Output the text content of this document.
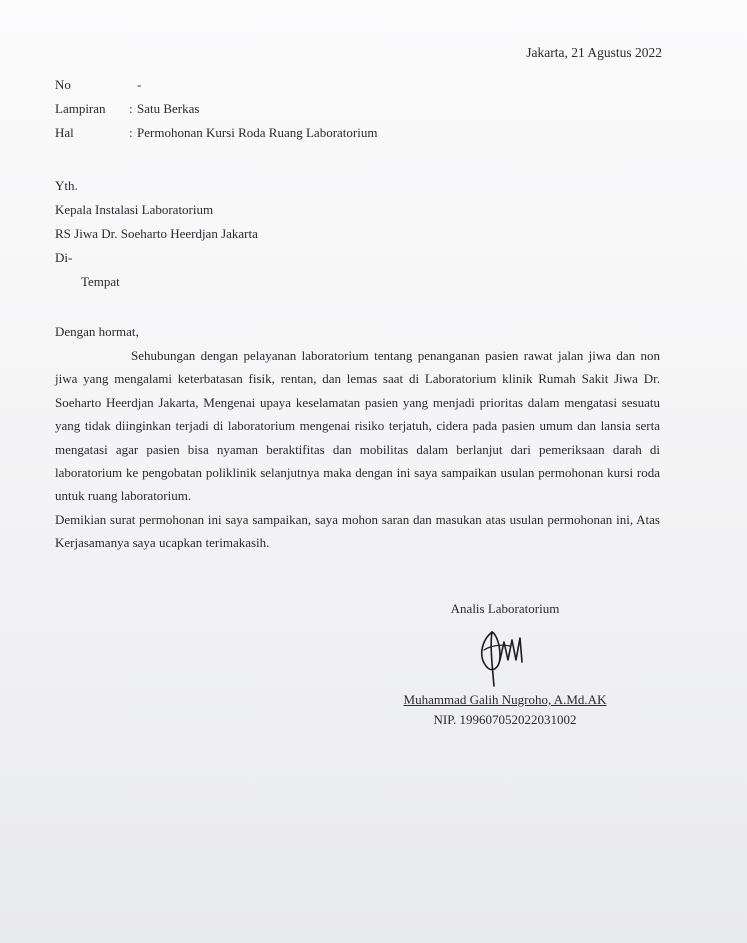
Jakarta, 21 Agustus 2022
No	-
Lampiran	: Satu Berkas
Hal	: Permohonan Kursi Roda Ruang Laboratorium
Yth.
Kepala Instalasi Laboratorium
RS Jiwa Dr. Soeharto Heerdjan Jakarta
Di-
Tempat
Dengan hormat,

Sehubungan dengan pelayanan laboratorium tentang penanganan pasien rawat jalan jiwa dan non jiwa yang mengalami keterbatasan fisik, rentan, dan lemas saat di Laboratorium klinik Rumah Sakit Jiwa Dr. Soeharto Heerdjan Jakarta, Mengenai upaya keselamatan pasien yang menjadi prioritas dalam mengatasi sesuatu yang tidak diinginkan terjadi di laboratorium mengenai risiko terjatuh, cidera pada pasien umum dan lansia serta mengatasi agar pasien bisa nyaman beraktifitas dan mobilitas dalam berlanjut dari pemeriksaan darah di laboratorium ke pengobatan poliklinik selanjutnya maka dengan ini saya sampaikan usulan permohonan kursi roda untuk ruang laboratorium.

Demikian surat permohonan ini saya sampaikan, saya mohon saran dan masukan atas usulan permohonan ini, Atas Kerjasamanya saya ucapkan terimakasih.

Analis Laboratorium
Muhammad Galih Nugroho, A.Md.AK
NIP. 199607052022031002
